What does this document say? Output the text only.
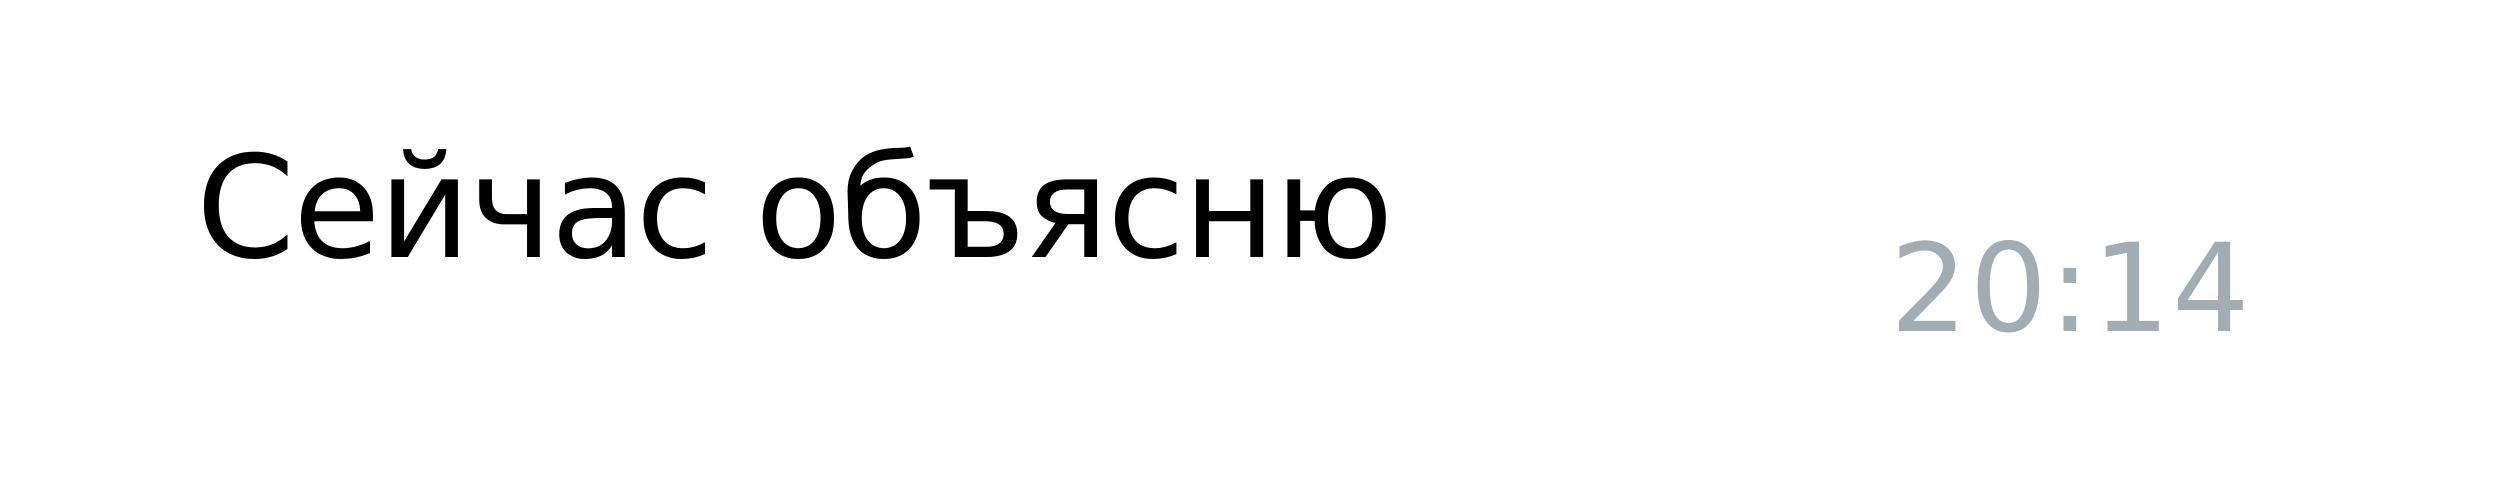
Сейчас объясню	20:14
